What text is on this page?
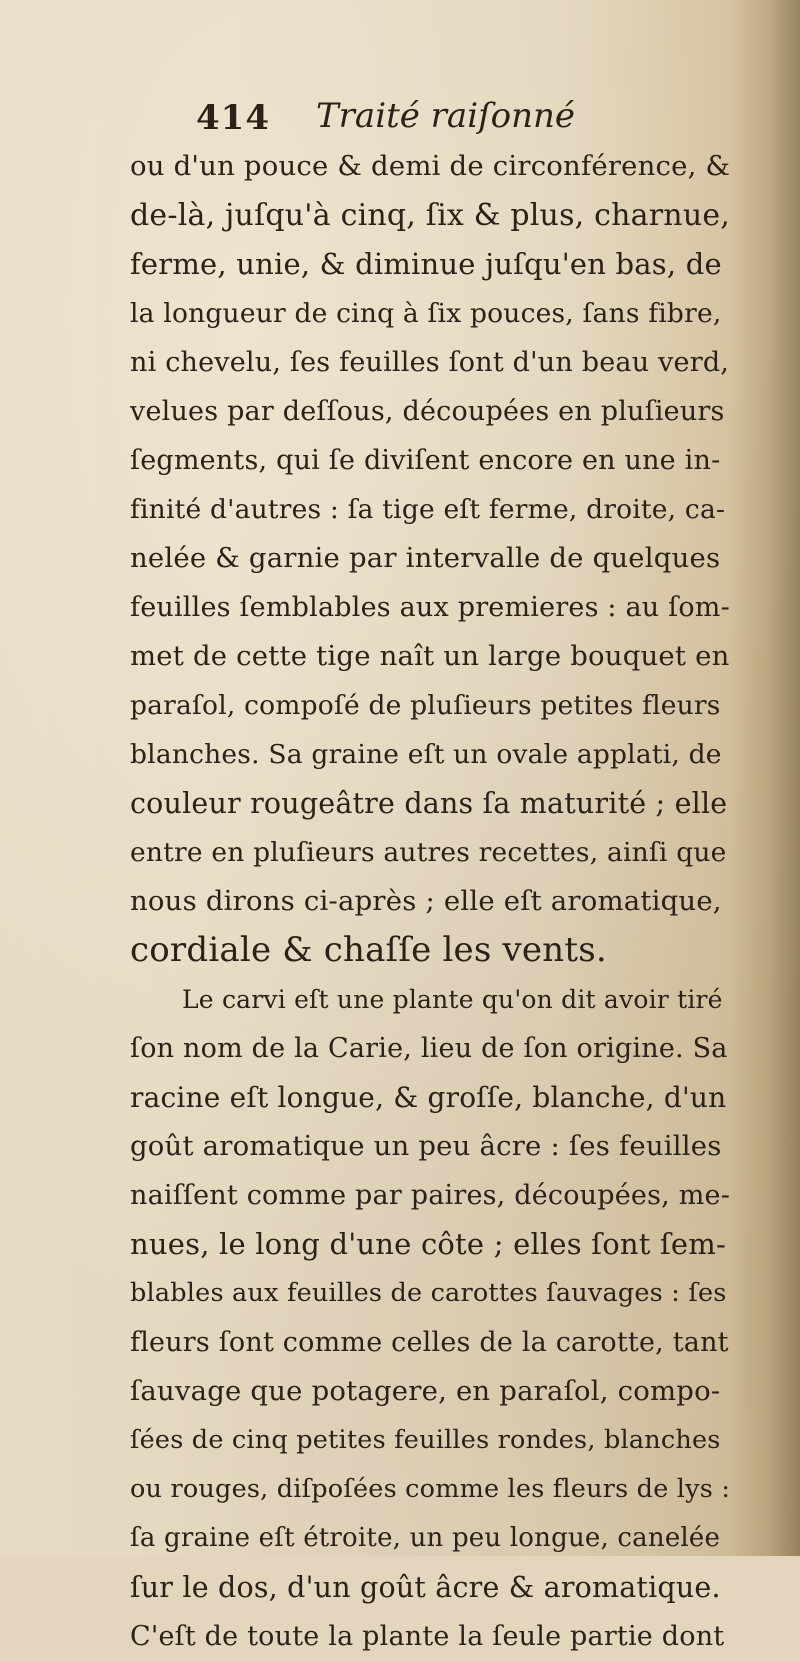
414 Traité raiſonné
ou d'un pouce & demi de circonférence, &
de-là, juſqu'à cinq, ſix & plus, charnue,
ferme, unie, & diminue juſqu'en bas, de
la longueur de cinq à ſix pouces, ſans fibre,
ni chevelu, ſes feuilles ſont d'un beau verd,
velues par deſſous, découpées en pluſieurs
ſegments, qui ſe diviſent encore en une in-
finité d'autres : ſa tige eſt ferme, droite, ca-
nelée & garnie par intervalle de quelques
feuilles ſemblables aux premieres : au ſom-
met de cette tige naît un large bouquet en
paraſol, compoſé de pluſieurs petites fleurs
blanches. Sa graine eſt un ovale applati, de
couleur rougeâtre dans ſa maturité ; elle
entre en pluſieurs autres recettes, ainſi que
nous dirons ci-après ; elle eſt aromatique,
cordiale & chaſſe les vents.
Le carvi eſt une plante qu'on dit avoir tiré
ſon nom de la Carie, lieu de ſon origine. Sa
racine eſt longue, & groſſe, blanche, d'un
goût aromatique un peu âcre : ſes feuilles
naiſſent comme par paires, découpées, me-
nues, le long d'une côte ; elles ſont ſem-
blables aux feuilles de carottes ſauvages : ſes
fleurs ſont comme celles de la carotte, tant
ſauvage que potagere, en paraſol, compo-
ſées de cinq petites feuilles rondes, blanches
ou rouges, diſpoſées comme les fleurs de lys :
ſa graine eſt étroite, un peu longue, canelée
ſur le dos, d'un goût âcre & aromatique.
C'eſt de toute la plante la ſeule partie dont
